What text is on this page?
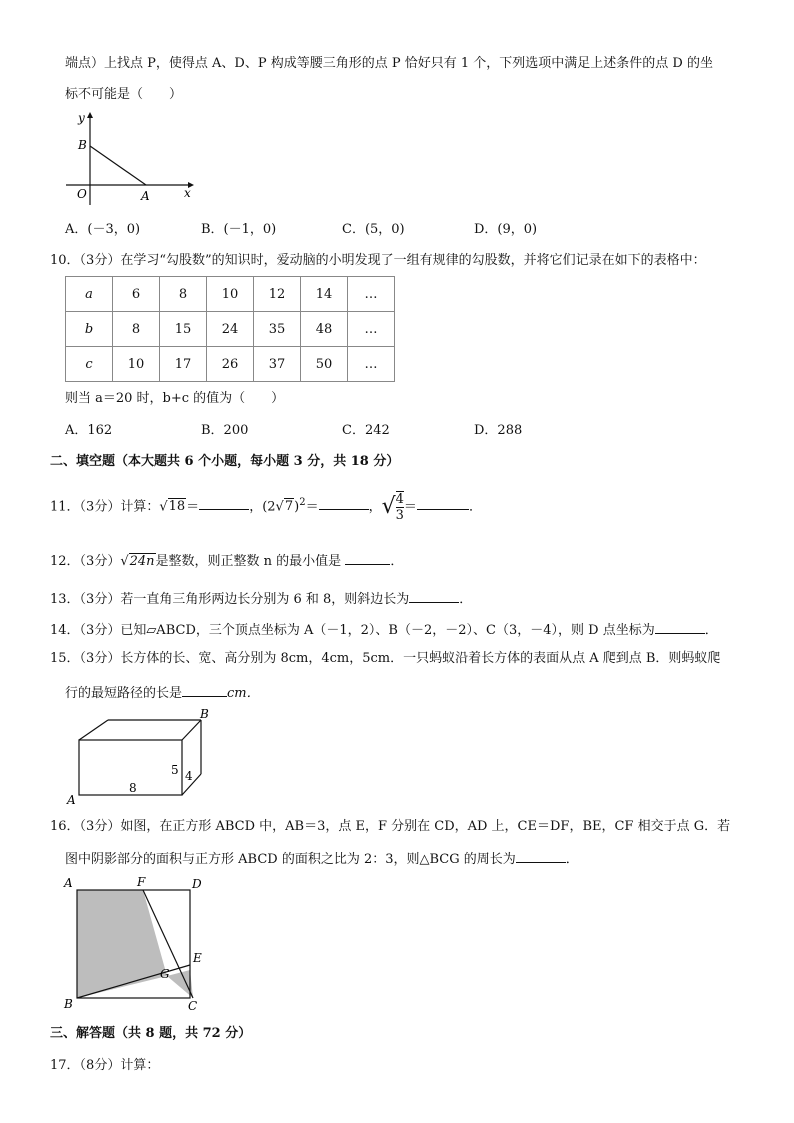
端点）上找点 P，使得点 A、D、P 构成等腰三角形的点 P 恰好只有 1 个，下列选项中满足上述条件的点 D 的坐
标不可能是（　　）
y
x
B
O	A
A．(－3，0)	B．(－1，0)	C．(5，0)	D．(9，0)
10．（3分）在学习“勾股数”的知识时，爱动脑的小明发现了一组有规律的勾股数，并将它们记录在如下的表格中：
a	6	8	10	12	14	…
b	8	15	24	35	48	…
c	10	17	26	37	50	…
则当 a＝20 时，b+c 的值为（　　）
A．162	B．200	C．242	D．288
二、填空题（本大题共 6 个小题，每小题 3 分，共 18 分）
11．（3分）计算：√18＝	，$(2√7)^2=$	，√ $\frac{4}{3}$ ＝	．
12．（3分）√24n是整数，则正整数 n 的最小值是	．
13．（3分）若一直角三角形两边长分别为 6 和 8，则斜边长为	．
14．（3分）已知▱ABCD，三个顶点坐标为 A（－1，2）、B（－2，－2）、C（3，－4），则 D 点坐标为	．
15．（3分）长方体的长、宽、高分别为 8cm，4cm，5cm．一只蚂蚁沿着长方体的表面从点 A 爬到点 B．则蚂蚁爬
行的最短路径的长是	cm．
B
A
8
5 4
16．（3分）如图，在正方形 ABCD 中，AB＝3，点 E，F 分别在 CD，AD 上，CE＝DF，BE，CF 相交于点 G．若
图中阴影部分的面积与正方形 ABCD 的面积之比为 2：3，则△BCG 的周长为	．
A	F	D
E
G
B	C
三、解答题（共 8 题，共 72 分）
17．（8分）计算：
